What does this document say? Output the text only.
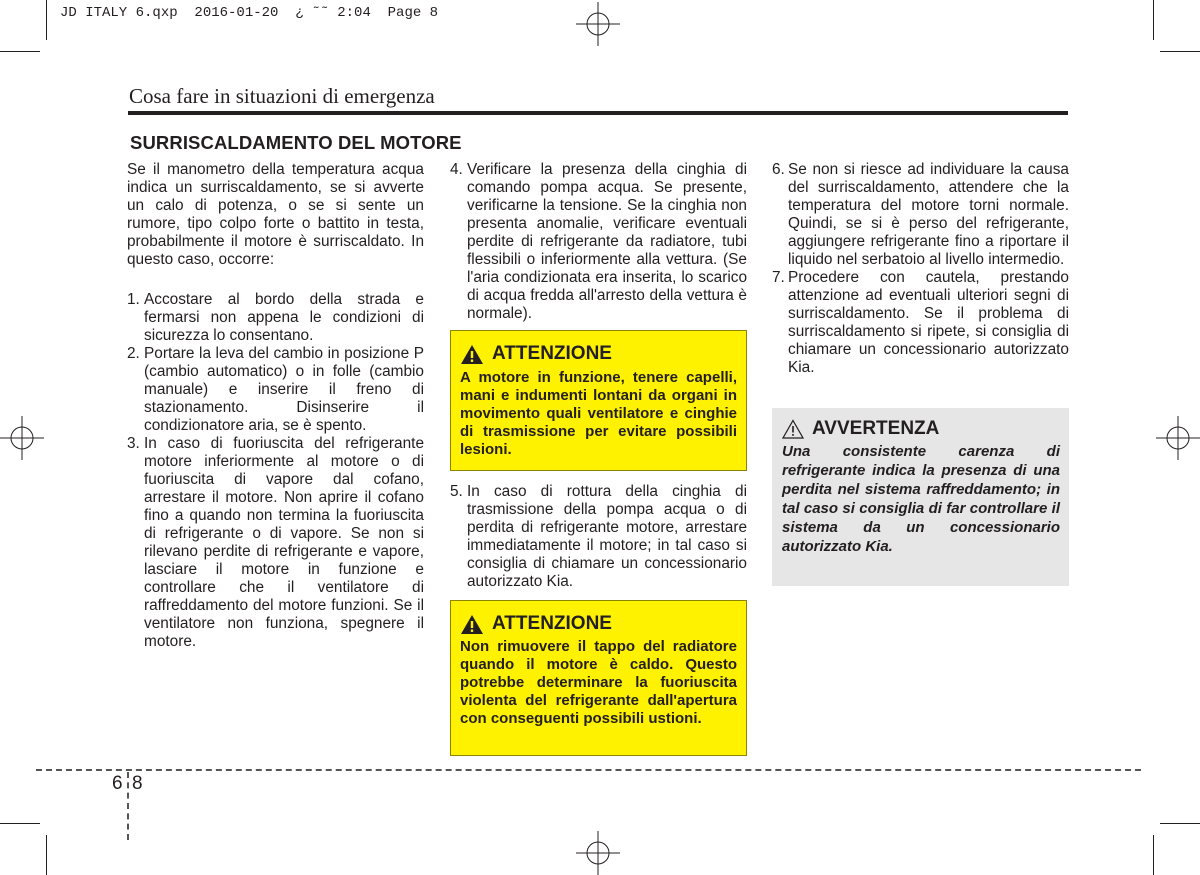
JD ITALY 6.qxp  2016-01-20  ¿ ˜˜ 2:04  Page 8
Cosa fare in situazioni di emergenza
SURRISCALDAMENTO DEL MOTORE

Se il manometro della temperatura acqua indica un surriscaldamento, se si avverte un calo di potenza, o se si sente un rumore, tipo colpo forte o battito in testa, probabilmente il motore è surriscaldato. In questo caso, occorre:

1. Accostare al bordo della strada e fermarsi non appena le condizioni di sicurezza lo consentano.
2. Portare la leva del cambio in posizione P (cambio automatico) o in folle (cambio manuale) e inserire il freno di stazionamento. Disinserire il condizionatore aria, se è spento.
3. In caso di fuoriuscita del refrigerante motore inferiormente al motore o di fuoriuscita di vapore dal cofano, arrestare il motore. Non aprire il cofano fino a quando non termina la fuoriuscita di refrigerante o di vapore. Se non si rilevano perdite di refrigerante e vapore, lasciare il motore in funzione e controllare che il ventilatore di raffreddamento del motore funzioni. Se il ventilatore non funziona, spegnere il motore.
4. Verificare la presenza della cinghia di comando pompa acqua. Se presente, verificarne la tensione. Se la cinghia non presenta anomalie, verificare eventuali perdite di refrigerante da radiatore, tubi flessibili o inferiormente alla vettura. (Se l'aria condizionata era inserita, lo scarico di acqua fredda all'arresto della vettura è normale).
ATTENZIONE
A motore in funzione, tenere capelli, mani e indumenti lontani da organi in movimento quali ventilatore e cinghie di trasmissione per evitare possibili lesioni.
5. In caso di rottura della cinghia di trasmissione della pompa acqua o di perdita di refrigerante motore, arrestare immediatamente il motore; in tal caso si consiglia di chiamare un concessionario autorizzato Kia.
ATTENZIONE
Non rimuovere il tappo del radiatore quando il motore è caldo. Questo potrebbe determinare la fuoriuscita violenta del refrigerante dall'apertura con conseguenti possibili ustioni.
6. Se non si riesce ad individuare la causa del surriscaldamento, attendere che la temperatura del motore torni normale. Quindi, se si è perso del refrigerante, aggiungere refrigerante fino a riportare il liquido nel serbatoio al livello intermedio.
7. Procedere con cautela, prestando attenzione ad eventuali ulteriori segni di surriscaldamento. Se il problema di surriscaldamento si ripete, si consiglia di chiamare un concessionario autorizzato Kia.
AVVERTENZA
Una consistente carenza di refrigerante indica la presenza di una perdita nel sistema raffreddamento; in tal caso si consiglia di far controllare il sistema da un concessionario autorizzato Kia.
6 8
